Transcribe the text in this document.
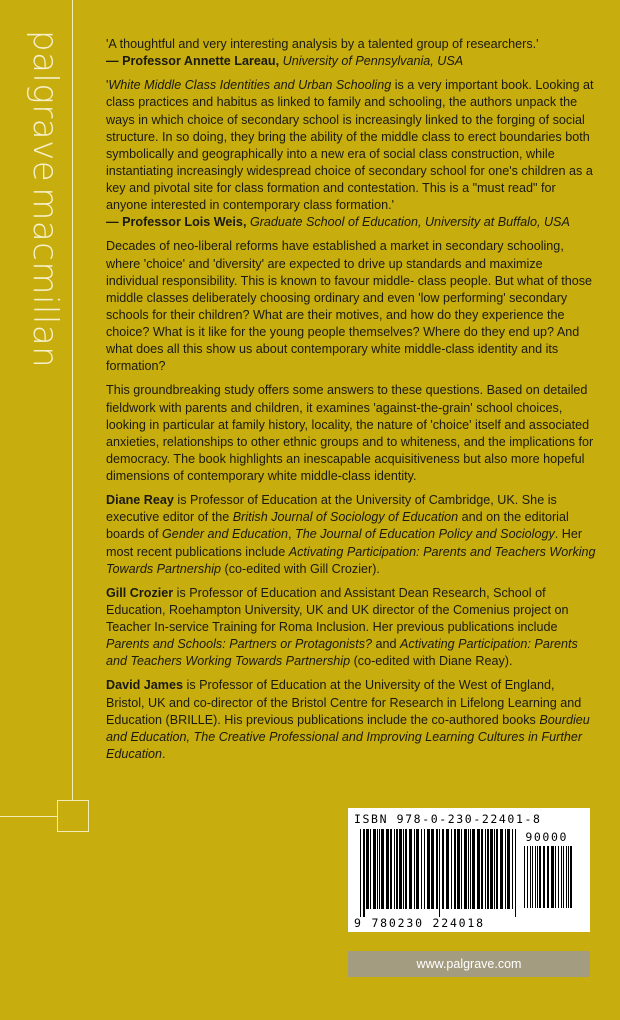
palgrave macmillan

'A thoughtful and very interesting analysis by a talented group of researchers.'
— Professor Annette Lareau, University of Pennsylvania, USA

'White Middle Class Identities and Urban Schooling is a very important book. Looking at class practices and habitus as linked to family and schooling, the authors unpack the ways in which choice of secondary school is increasingly linked to the forging of social structure. In so doing, they bring the ability of the middle class to erect boundaries both symbolically and geographically into a new era of social class construction, while instantiating increasingly widespread choice of secondary school for one's children as a key and pivotal site for class formation and contestation. This is a "must read" for anyone interested in contemporary class formation.'
— Professor Lois Weis, Graduate School of Education, University at Buffalo, USA

Decades of neo-liberal reforms have established a market in secondary schooling, where 'choice' and 'diversity' are expected to drive up standards and maximize individual responsibility. This is known to favour middle- class people. But what of those middle classes deliberately choosing ordinary and even 'low performing' secondary schools for their children? What are their motives, and how do they experience the choice? What is it like for the young people themselves? Where do they end up? And what does all this show us about contemporary white middle-class identity and its formation?

This groundbreaking study offers some answers to these questions. Based on detailed fieldwork with parents and children, it examines 'against-the-grain' school choices, looking in particular at family history, locality, the nature of 'choice' itself and associated anxieties, relationships to other ethnic groups and to whiteness, and the implications for democracy. The book highlights an inescapable acquisitiveness but also more hopeful dimensions of contemporary white middle-class identity.

Diane Reay is Professor of Education at the University of Cambridge, UK. She is executive editor of the British Journal of Sociology of Education and on the editorial boards of Gender and Education, The Journal of Education Policy and Sociology. Her most recent publications include Activating Participation: Parents and Teachers Working Towards Partnership (co-edited with Gill Crozier).

Gill Crozier is Professor of Education and Assistant Dean Research, School of Education, Roehampton University, UK and UK director of the Comenius project on Teacher In-service Training for Roma Inclusion. Her previous publications include Parents and Schools: Partners or Protagonists? and Activating Participation: Parents and Teachers Working Towards Partnership (co-edited with Diane Reay).

David James is Professor of Education at the University of the West of England, Bristol, UK and co-director of the Bristol Centre for Research in Lifelong Learning and Education (BRILLE). His previous publications include the co-authored books Bourdieu and Education, The Creative Professional and Improving Learning Cultures in Further Education.

ISBN 978-0-230-22401-8
90000
9 780230 224018
www.palgrave.com
